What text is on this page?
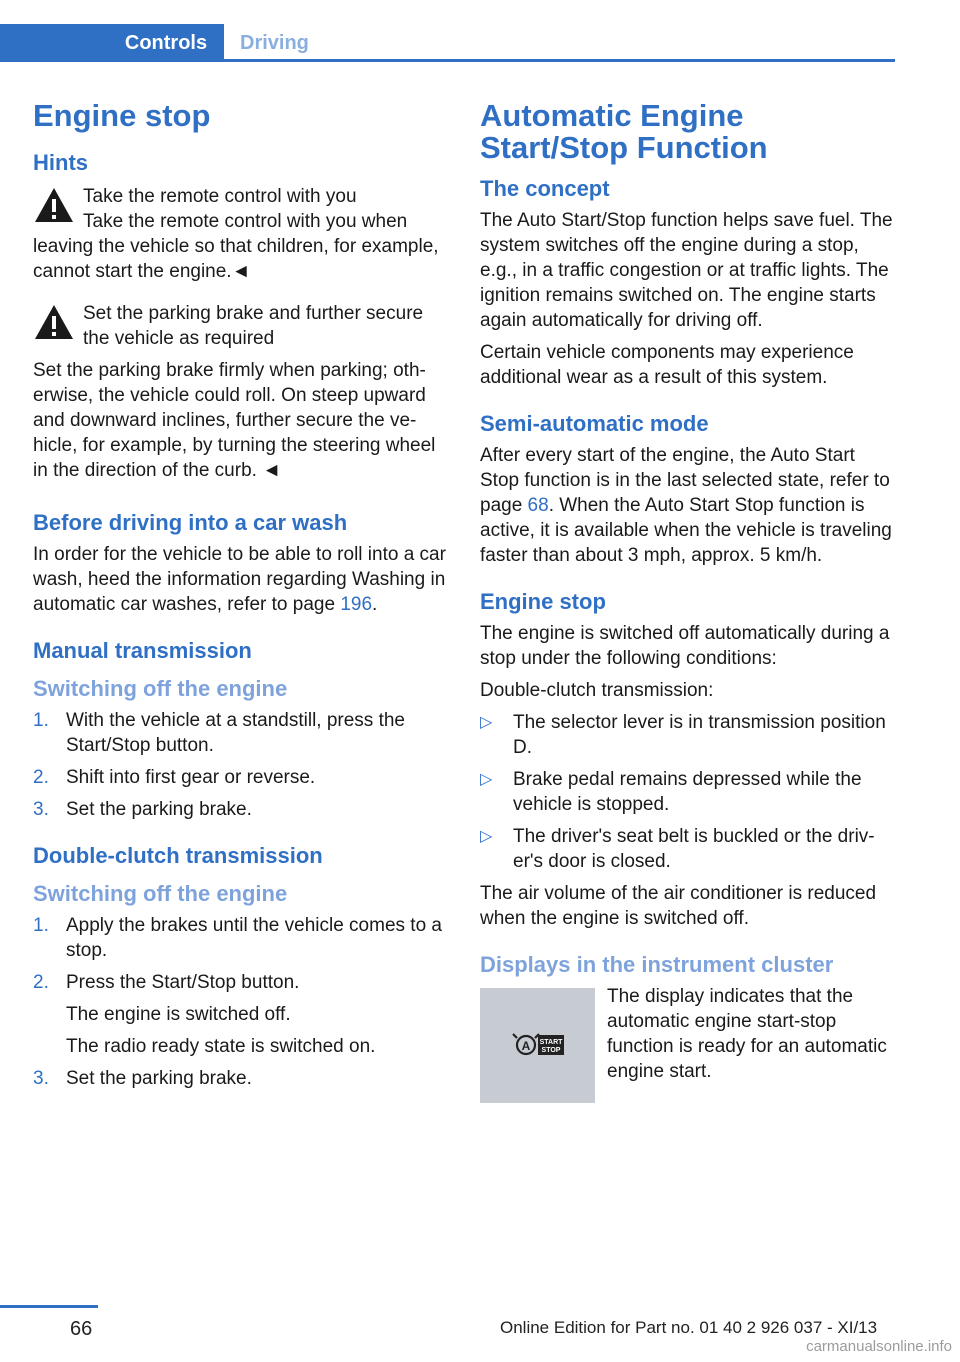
Controls	Driving
Engine stop
Hints
Take the remote control with you
Take the remote control with you when leaving the vehicle so that children, for example, cannot start the engine.◄
Set the parking brake and further secure the vehicle as required
Set the parking brake firmly when parking; otherwise, the vehicle could roll. On steep upward and downward inclines, further secure the vehicle, for example, by turning the steering wheel in the direction of the curb. ◄
Before driving into a car wash
In order for the vehicle to be able to roll into a car wash, heed the information regarding Washing in automatic car washes, refer to page 196.
Manual transmission
Switching off the engine
1. With the vehicle at a standstill, press the Start/Stop button.
2. Shift into first gear or reverse.
3. Set the parking brake.
Double-clutch transmission
Switching off the engine
1. Apply the brakes until the vehicle comes to a stop.
2. Press the Start/Stop button.
The engine is switched off.
The radio ready state is switched on.
3. Set the parking brake.
Automatic Engine Start/Stop Function
The concept
The Auto Start/Stop function helps save fuel. The system switches off the engine during a stop, e.g., in a traffic congestion or at traffic lights. The ignition remains switched on. The engine starts again automatically for driving off.
Certain vehicle components may experience additional wear as a result of this system.
Semi-automatic mode
After every start of the engine, the Auto Start Stop function is in the last selected state, refer to page 68. When the Auto Start Stop function is active, it is available when the vehicle is traveling faster than about 3 mph, approx. 5 km/h.
Engine stop
The engine is switched off automatically during a stop under the following conditions:
Double-clutch transmission:
▷	The selector lever is in transmission position D.
▷	Brake pedal remains depressed while the vehicle is stopped.
▷	The driver's seat belt is buckled or the driver's door is closed.
The air volume of the air conditioner is reduced when the engine is switched off.
Displays in the instrument cluster
A START
STOP
The display indicates that the automatic engine start-stop function is ready for an automatic engine start.
66	Online Edition for Part no. 01 40 2 926 037 - XI/13
carmanualsonline.info
